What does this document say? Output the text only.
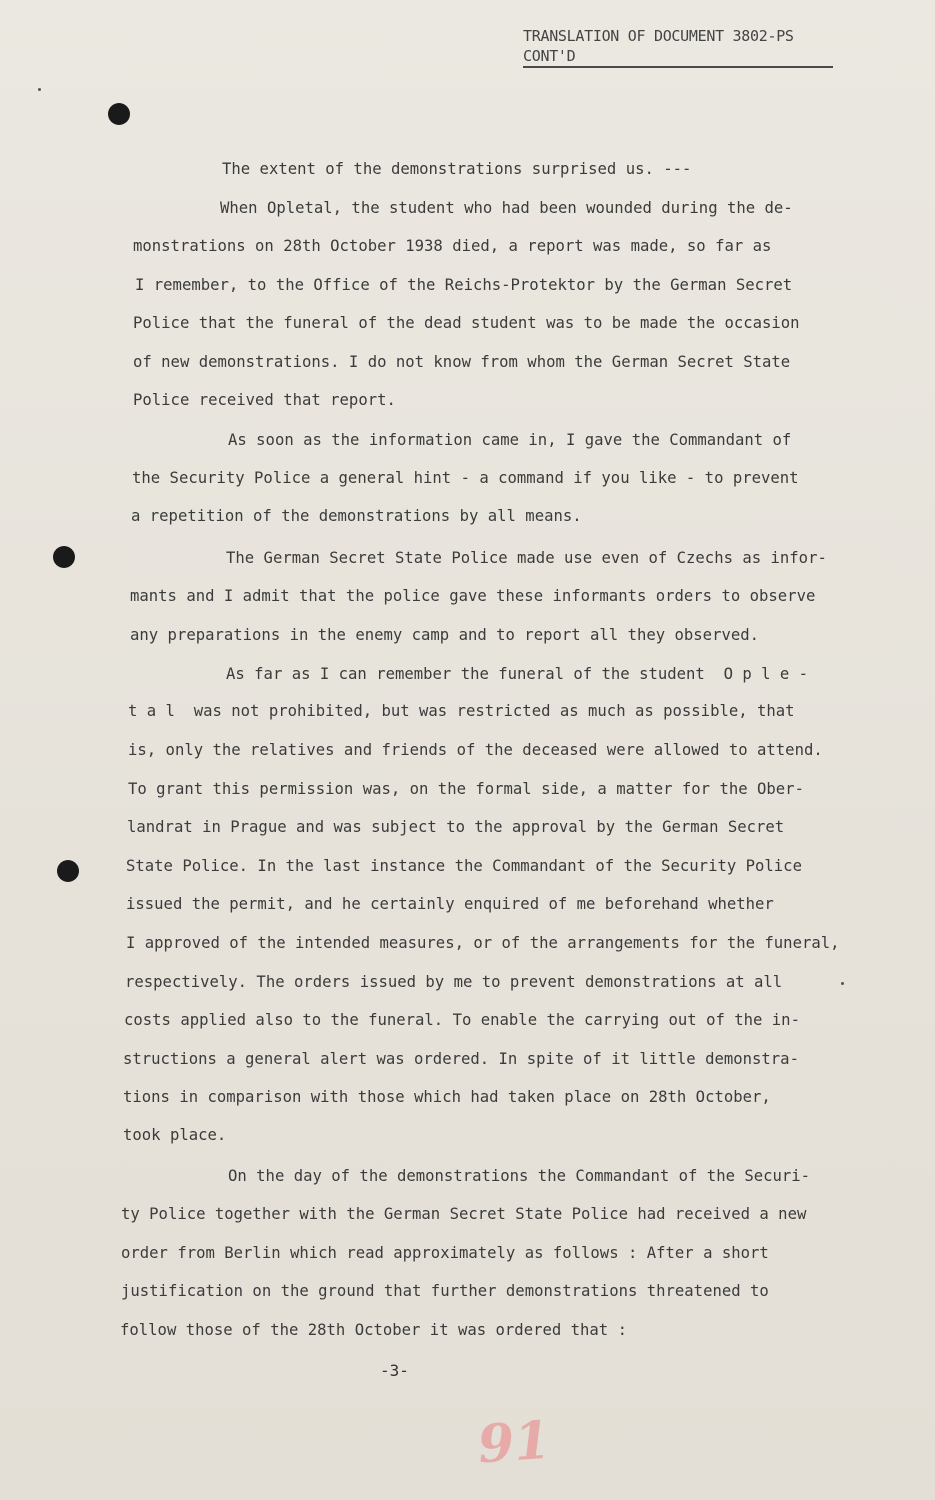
TRANSLATION OF DOCUMENT 3802-PS
CONT'D
The extent of the demonstrations surprised us. ---
When Opletal, the student who had been wounded during the de-
monstrations on 28th October 1938 died, a report was made, so far as
I remember, to the Office of the Reichs-Protektor by the German Secret
Police that the funeral of the dead student was to be made the occasion
of new demonstrations. I do not know from whom the German Secret State
Police received that report.
As soon as the information came in, I gave the Commandant of
the Security Police a general hint - a command if you like - to prevent
a repetition of the demonstrations by all means.
The German Secret State Police made use even of Czechs as infor-
mants and I admit that the police gave these informants orders to observe
any preparations in the enemy camp and to report all they observed.
As far as I can remember the funeral of the student  O p l e -
t a l  was not prohibited, but was restricted as much as possible, that
is, only the relatives and friends of the deceased were allowed to attend.
To grant this permission was, on the formal side, a matter for the Ober-
landrat in Prague and was subject to the approval by the German Secret
State Police. In the last instance the Commandant of the Security Police
issued the permit, and he certainly enquired of me beforehand whether
I approved of the intended measures, or of the arrangements for the funeral,
respectively. The orders issued by me to prevent demonstrations at all
costs applied also to the funeral. To enable the carrying out of the in-
structions a general alert was ordered. In spite of it little demonstra-
tions in comparison with those which had taken place on 28th October,
took place.
On the day of the demonstrations the Commandant of the Securi-
ty Police together with the German Secret State Police had received a new
order from Berlin which read approximately as follows : After a short
justification on the ground that further demonstrations threatened to
follow those of the 28th October it was ordered that :
-3-
91
